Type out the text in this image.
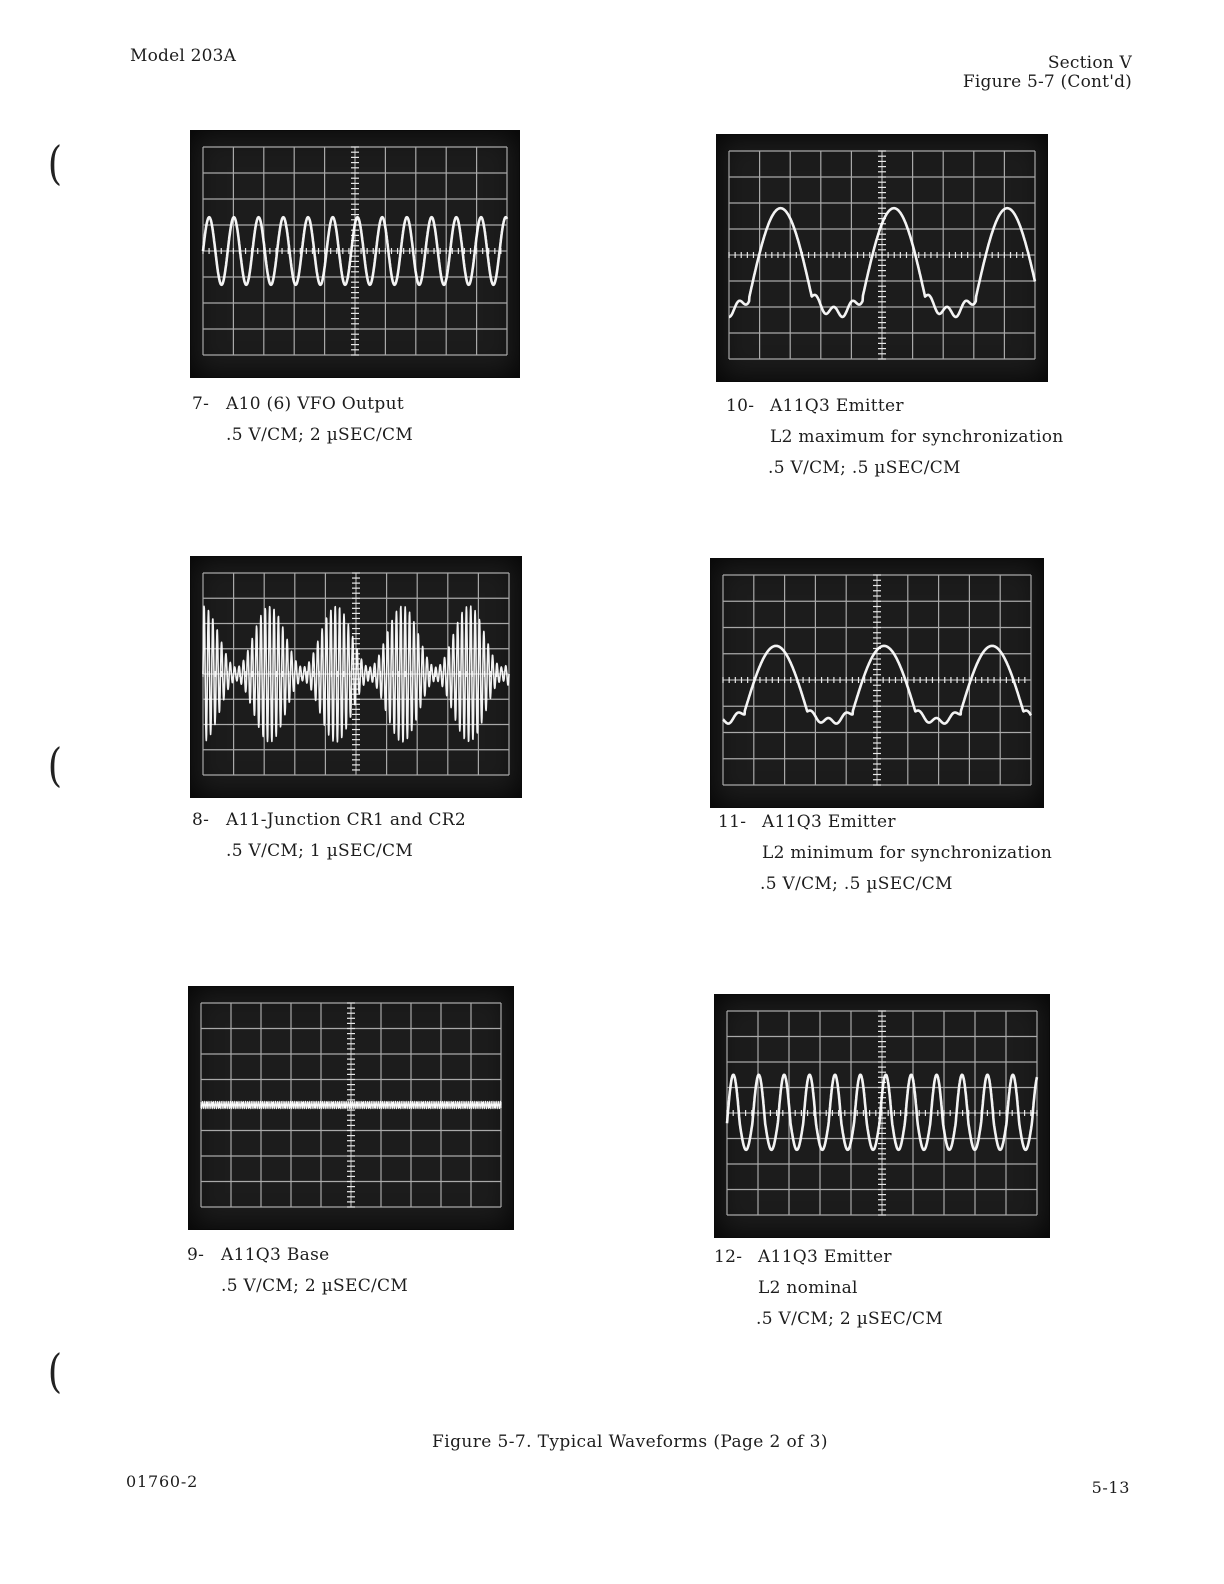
Model 203A	Section V
Figure 5-7 (Cont'd)
(
(
(
7- A10 (6) VFO Output
.5 V/CM; 2 µSEC/CM
8- A11-Junction CR1 and CR2
.5 V/CM; 1 µSEC/CM
9- A11Q3 Base
.5 V/CM; 2 µSEC/CM
10- A11Q3 Emitter
L2 maximum for synchronization
.5 V/CM; .5 µSEC/CM
11- A11Q3 Emitter
L2 minimum for synchronization
.5 V/CM; .5 µSEC/CM
12- A11Q3 Emitter
L2 nominal
.5 V/CM; 2 µSEC/CM
Figure 5-7. Typical Waveforms (Page 2 of 3)
01760-2	5-13
